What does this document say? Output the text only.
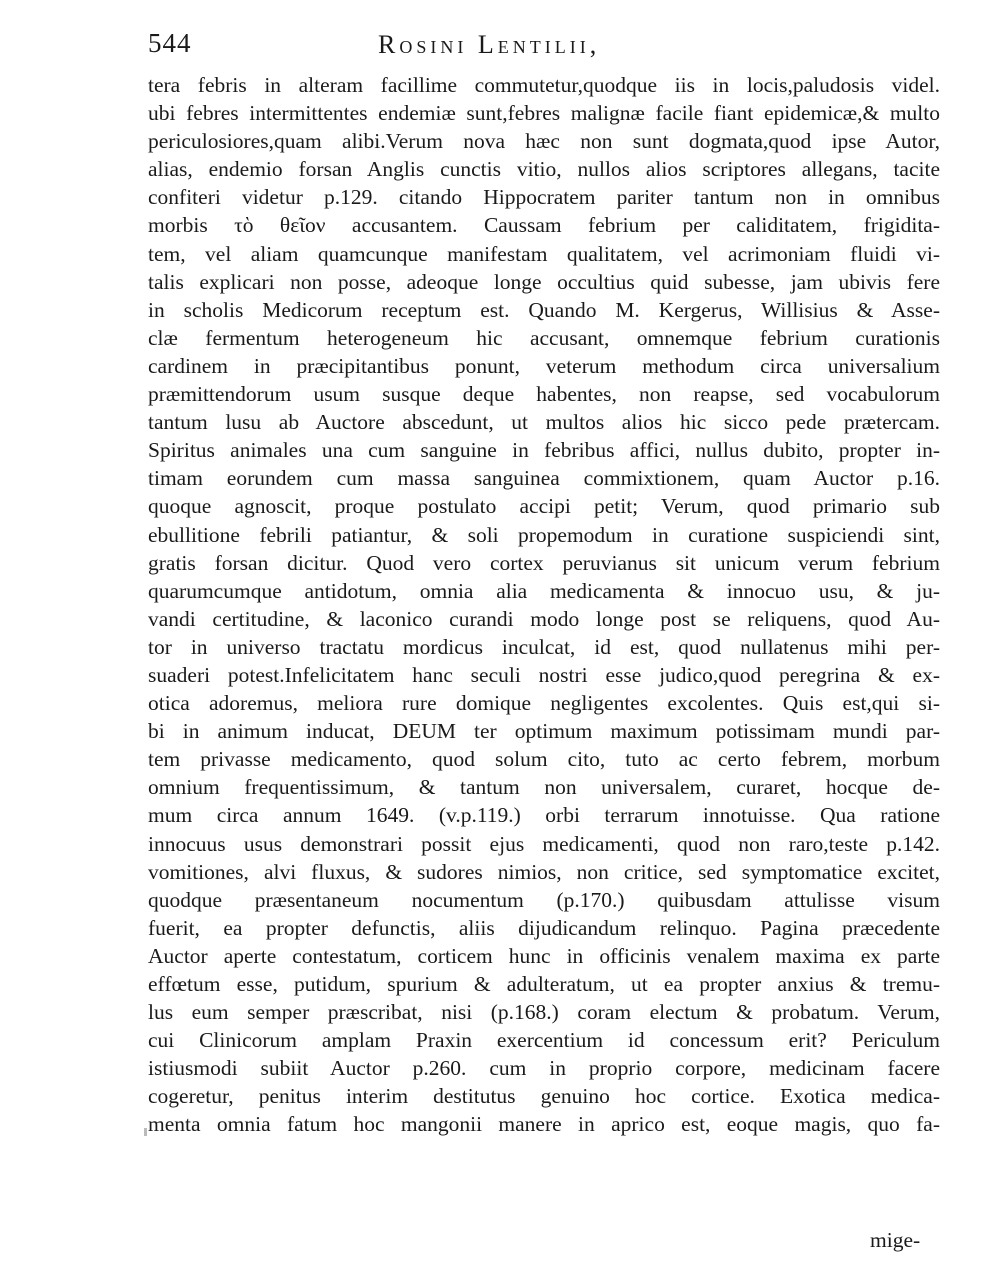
544	Rosini Lentilii,
tera febris in alteram facillime commutetur,quodque iis in locis,paludosis videl.
ubi febres intermittentes endemiæ sunt,febres malignæ facile fiant epidemicæ,& multo
periculosiores,quam alibi.Verum nova hæc non sunt dogmata,quod ipse Autor,
alias, endemio forsan Anglis cunctis vitio, nullos alios scriptores allegans, tacite
confiteri videtur p.129. citando Hippocratem pariter tantum non in omnibus
morbis τὸ θεῖον accusantem. Caussam febrium per caliditatem, frigidita-
tem, vel aliam quamcunque manifestam qualitatem, vel acrimoniam fluidi vi-
talis explicari non posse, adeoque longe occultius quid subesse, jam ubivis fere
in scholis Medicorum receptum est. Quando M. Kergerus, Willisius & Asse-
clæ fermentum heterogeneum hic accusant, omnemque febrium curationis
cardinem in præcipitantibus ponunt, veterum methodum circa universalium
præmittendorum usum susque deque habentes, non reapse, sed vocabulorum
tantum lusu ab Auctore abscedunt, ut multos alios hic sicco pede prætercam.
Spiritus animales una cum sanguine in febribus affici, nullus dubito, propter in-
timam eorundem cum massa sanguinea commixtionem, quam Auctor p.16.
quoque agnoscit, proque postulato accipi petit; Verum, quod primario sub
ebullitione febrili patiantur, & soli propemodum in curatione suspiciendi sint,
gratis forsan dicitur. Quod vero cortex peruvianus sit unicum verum febrium
quarumcumque antidotum, omnia alia medicamenta & innocuo usu, & ju-
vandi certitudine, & laconico curandi modo longe post se reliquens, quod Au-
tor in universo tractatu mordicus inculcat, id est, quod nullatenus mihi per-
suaderi potest.Infelicitatem hanc seculi nostri esse judico,quod peregrina & ex-
otica adoremus, meliora rure domique negligentes excolentes. Quis est,qui si-
bi in animum inducat, DEUM ter optimum maximum potissimam mundi par-
tem privasse medicamento, quod solum cito, tuto ac certo febrem, morbum
omnium frequentissimum, & tantum non universalem, curaret, hocque de-
mum circa annum 1649. (v.p.119.) orbi terrarum innotuisse. Qua ratione
innocuus usus demonstrari possit ejus medicamenti, quod non raro,teste p.142.
vomitiones, alvi fluxus, & sudores nimios, non critice, sed symptomatice excitet,
quodque præsentaneum nocumentum (p.170.) quibusdam attulisse visum
fuerit, ea propter defunctis, aliis dijudicandum relinquo. Pagina præcedente
Auctor aperte contestatum, corticem hunc in officinis venalem maxima ex parte
effœtum esse, putidum, spurium & adulteratum, ut ea propter anxius & tremu-
lus eum semper præscribat, nisi (p.168.) coram electum & probatum. Verum,
cui Clinicorum amplam Praxin exercentium id concessum erit? Periculum
istiusmodi subiit Auctor p.260. cum in proprio corpore, medicinam facere
cogeretur, penitus interim destitutus genuino hoc cortice. Exotica medica-
menta omnia fatum hoc mangonii manere in aprico est, eoque magis, quo fa-
mige-
